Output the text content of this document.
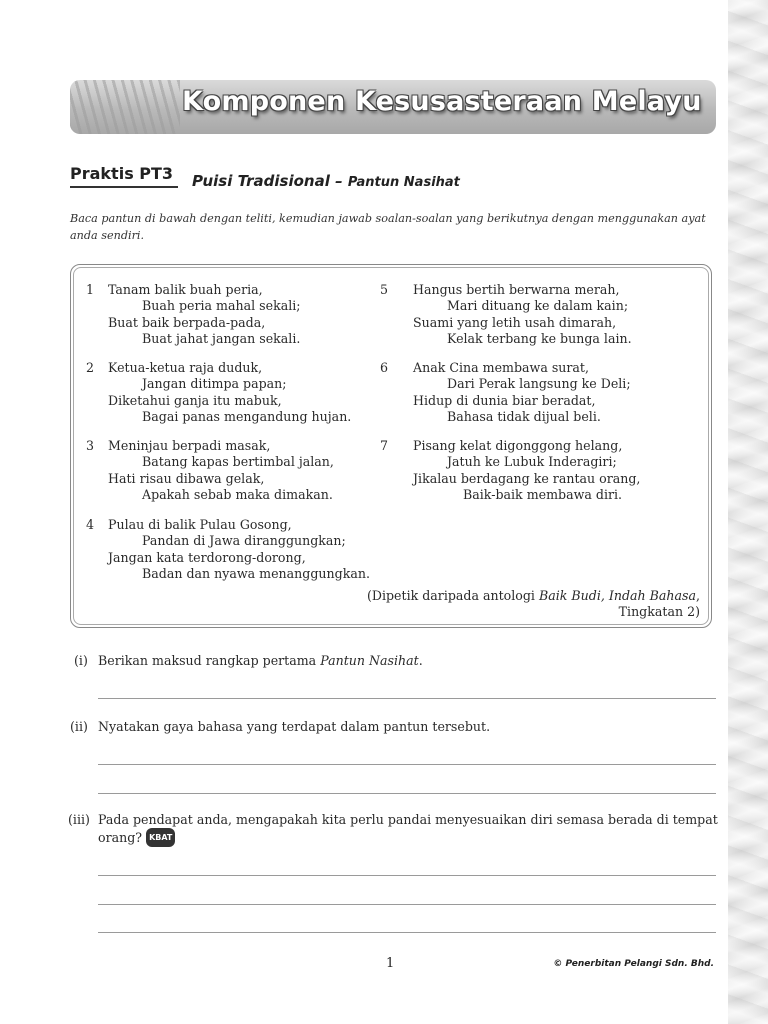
Komponen Kesusasteraan Melayu
Praktis PT3 Puisi Tradisional – Pantun Nasihat
Baca pantun di bawah dengan teliti, kemudian jawab soalan-soalan yang berikutnya dengan menggunakan ayat anda sendiri.
1 Tanam balik buah peria,
Buah peria mahal sekali;
Buat baik berpada-pada,
Buat jahat jangan sekali.
2 Ketua-ketua raja duduk,
Jangan ditimpa papan;
Diketahui ganja itu mabuk,
Bagai panas mengandung hujan.
3 Meninjau berpadi masak,
Batang kapas bertimbal jalan,
Hati risau dibawa gelak,
Apakah sebab maka dimakan.
4 Pulau di balik Pulau Gosong,
Pandan di Jawa diranggungkan;
Jangan kata terdorong-dorong,
Badan dan nyawa menanggungkan.
5 Hangus bertih berwarna merah,
Mari dituang ke dalam kain;
Suami yang letih usah dimarah,
Kelak terbang ke bunga lain.
6 Anak Cina membawa surat,
Dari Perak langsung ke Deli;
Hidup di dunia biar beradat,
Bahasa tidak dijual beli.
7 Pisang kelat digonggong helang,
Jatuh ke Lubuk Inderagiri;
Jikalau berdagang ke rantau orang,
Baik-baik membawa diri.
(Dipetik daripada antologi Baik Budi, Indah Bahasa,
Tingkatan 2)
(i) Berikan maksud rangkap pertama Pantun Nasihat.
(ii) Nyatakan gaya bahasa yang terdapat dalam pantun tersebut.
(iii) Pada pendapat anda, mengapakah kita perlu pandai menyesuaikan diri semasa berada di tempat orang? KBAT
1	© Penerbitan Pelangi Sdn. Bhd.
